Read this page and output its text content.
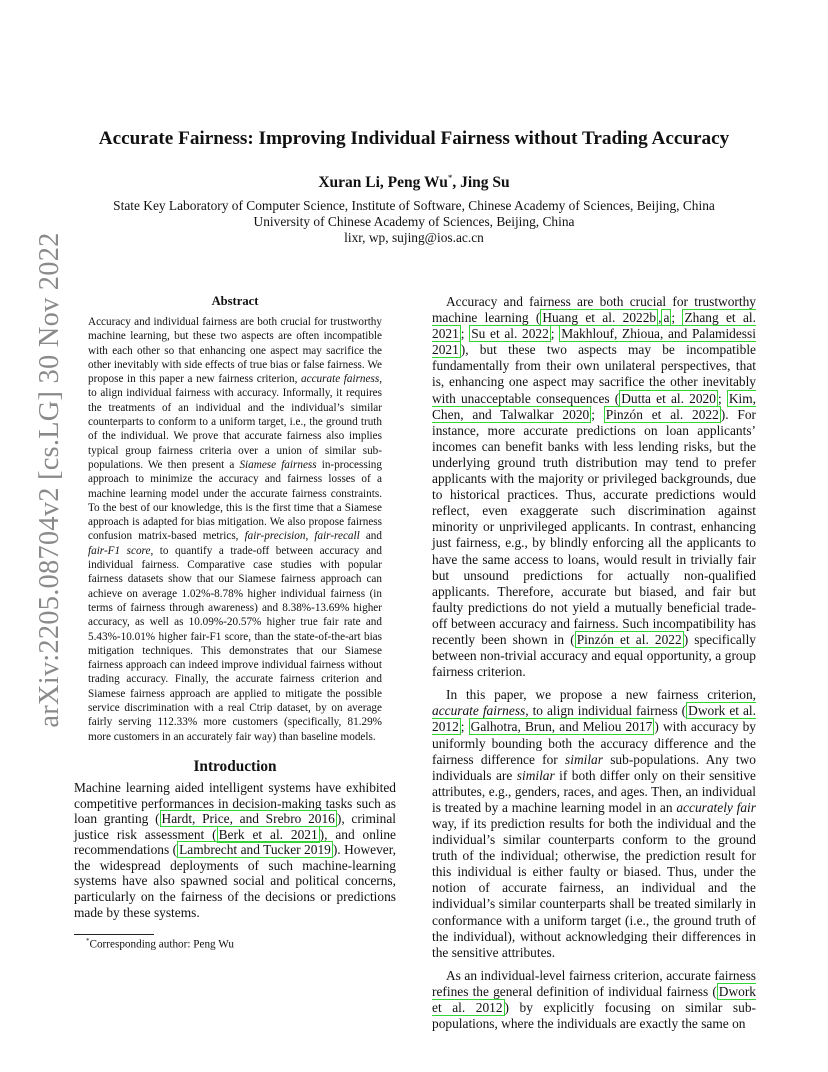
arXiv:2205.08704v2 [cs.LG] 30 Nov 2022
Accurate Fairness: Improving Individual Fairness without Trading Accuracy
Xuran Li, Peng Wu*, Jing Su
State Key Laboratory of Computer Science, Institute of Software, Chinese Academy of Sciences, Beijing, China
University of Chinese Academy of Sciences, Beijing, China
lixr, wp, sujing@ios.ac.cn
Abstract
Accuracy and individual fairness are both crucial for trustworthy machine learning, but these two aspects are often incompatible with each other so that enhancing one aspect may sacrifice the other inevitably with side effects of true bias or false fairness. We propose in this paper a new fairness criterion, accurate fairness, to align individual fairness with accuracy. Informally, it requires the treatments of an individual and the individual’s similar counterparts to conform to a uniform target, i.e., the ground truth of the individual. We prove that accurate fairness also implies typical group fairness criteria over a union of similar sub-populations. We then present a Siamese fairness in-processing approach to minimize the accuracy and fairness losses of a machine learning model under the accurate fairness constraints. To the best of our knowledge, this is the first time that a Siamese approach is adapted for bias mitigation. We also propose fairness confusion matrix-based metrics, fair-precision, fair-recall and fair-F1 score, to quantify a trade-off between accuracy and individual fairness. Comparative case studies with popular fairness datasets show that our Siamese fairness approach can achieve on average 1.02%-8.78% higher individual fairness (in terms of fairness through awareness) and 8.38%-13.69% higher accuracy, as well as 10.09%-20.57% higher true fair rate and 5.43%-10.01% higher fair-F1 score, than the state-of-the-art bias mitigation techniques. This demonstrates that our Siamese fairness approach can indeed improve individual fairness without trading accuracy. Finally, the accurate fairness criterion and Siamese fairness approach are applied to mitigate the possible service discrimination with a real Ctrip dataset, by on average fairly serving 112.33% more customers (specifically, 81.29% more customers in an accurately fair way) than baseline models.
Introduction
Machine learning aided intelligent systems have exhibited competitive performances in decision-making tasks such as loan granting ( Hardt, Price, and Srebro 2016 ), criminal justice risk assessment ( Berk et al. 2021 ), and online recommendations ( Lambrecht and Tucker 2019 ). However, the widespread deployments of such machine-learning systems have also spawned social and political concerns, particularly on the fairness of the decisions or predictions made by these systems.
*Corresponding author: Peng Wu

Accuracy and fairness are both crucial for trustworthy machine learning ( Huang et al. 2022b , a ; Zhang et al. 2021 ; Su et al. 2022 ; Makhlouf, Zhioua, and Palamidessi 2021 ), but these two aspects may be incompatible fundamentally from their own unilateral perspectives, that is, enhancing one aspect may sacrifice the other inevitably with unacceptable consequences ( Dutta et al. 2020 ; Kim, Chen, and Talwalkar 2020 ; Pinzón et al. 2022 ). For instance, more accurate predictions on loan applicants’ incomes can benefit banks with less lending risks, but the underlying ground truth distribution may tend to prefer applicants with the majority or privileged backgrounds, due to historical practices. Thus, accurate predictions would reflect, even exaggerate such discrimination against minority or unprivileged applicants. In contrast, enhancing just fairness, e.g., by blindly enforcing all the applicants to have the same access to loans, would result in trivially fair but unsound predictions for actually non-qualified applicants. Therefore, accurate but biased, and fair but faulty predictions do not yield a mutually beneficial trade-off between accuracy and fairness. Such incompatibility has recently been shown in ( Pinzón et al. 2022 ) specifically between non-trivial accuracy and equal opportunity, a group fairness criterion.

In this paper, we propose a new fairness criterion, accurate fairness, to align individual fairness ( Dwork et al. 2012 ; Galhotra, Brun, and Meliou 2017 ) with accuracy by uniformly bounding both the accuracy difference and the fairness difference for similar sub-populations. Any two individuals are similar if both differ only on their sensitive attributes, e.g., genders, races, and ages. Then, an individual is treated by a machine learning model in an accurately fair way, if its prediction results for both the individual and the individual’s similar counterparts conform to the ground truth of the individual; otherwise, the prediction result for this individual is either faulty or biased. Thus, under the notion of accurate fairness, an individual and the individual’s similar counterparts shall be treated similarly in conformance with a uniform target (i.e., the ground truth of the individual), without acknowledging their differences in the sensitive attributes.

As an individual-level fairness criterion, accurate fairness refines the general definition of individual fairness ( Dwork et al. 2012 ) by explicitly focusing on similar sub-populations, where the individuals are exactly the same on
